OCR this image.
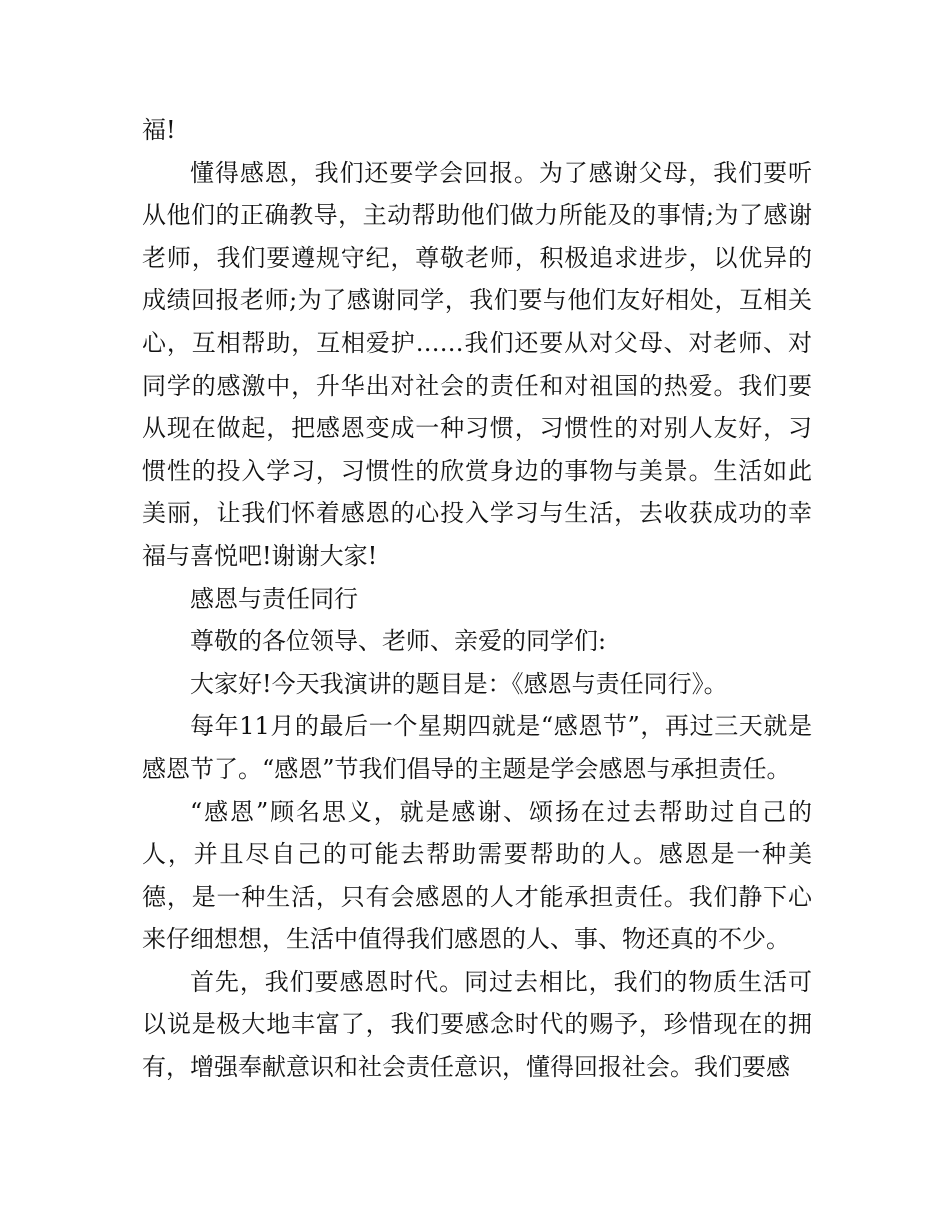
福!

懂得感恩，我们还要学会回报。为了感谢父母，我们要听从他们的正确教导，主动帮助他们做力所能及的事情;为了感谢老师，我们要遵规守纪，尊敬老师，积极追求进步，以优异的成绩回报老师;为了感谢同学，我们要与他们友好相处，互相关心，互相帮助，互相爱护……我们还要从对父母、对老师、对同学的感激中，升华出对社会的责任和对祖国的热爱。我们要从现在做起，把感恩变成一种习惯，习惯性的对别人友好，习惯性的投入学习，习惯性的欣赏身边的事物与美景。生活如此美丽，让我们怀着感恩的心投入学习与生活，去收获成功的幸福与喜悦吧!谢谢大家!

感恩与责任同行

尊敬的各位领导、老师、亲爱的同学们:

大家好!今天我演讲的题目是：《感恩与责任同行》。

每年11月的最后一个星期四就是“感恩节”，再过三天就是感恩节了。“感恩”节我们倡导的主题是学会感恩与承担责任。

“感恩”顾名思义，就是感谢、颂扬在过去帮助过自己的人，并且尽自己的可能去帮助需要帮助的人。感恩是一种美德，是一种生活，只有会感恩的人才能承担责任。我们静下心来仔细想想，生活中值得我们感恩的人、事、物还真的不少。

首先，我们要感恩时代。同过去相比，我们的物质生活可以说是极大地丰富了，我们要感念时代的赐予，珍惜现在的拥有，增强奉献意识和社会责任意识，懂得回报社会。我们要感
